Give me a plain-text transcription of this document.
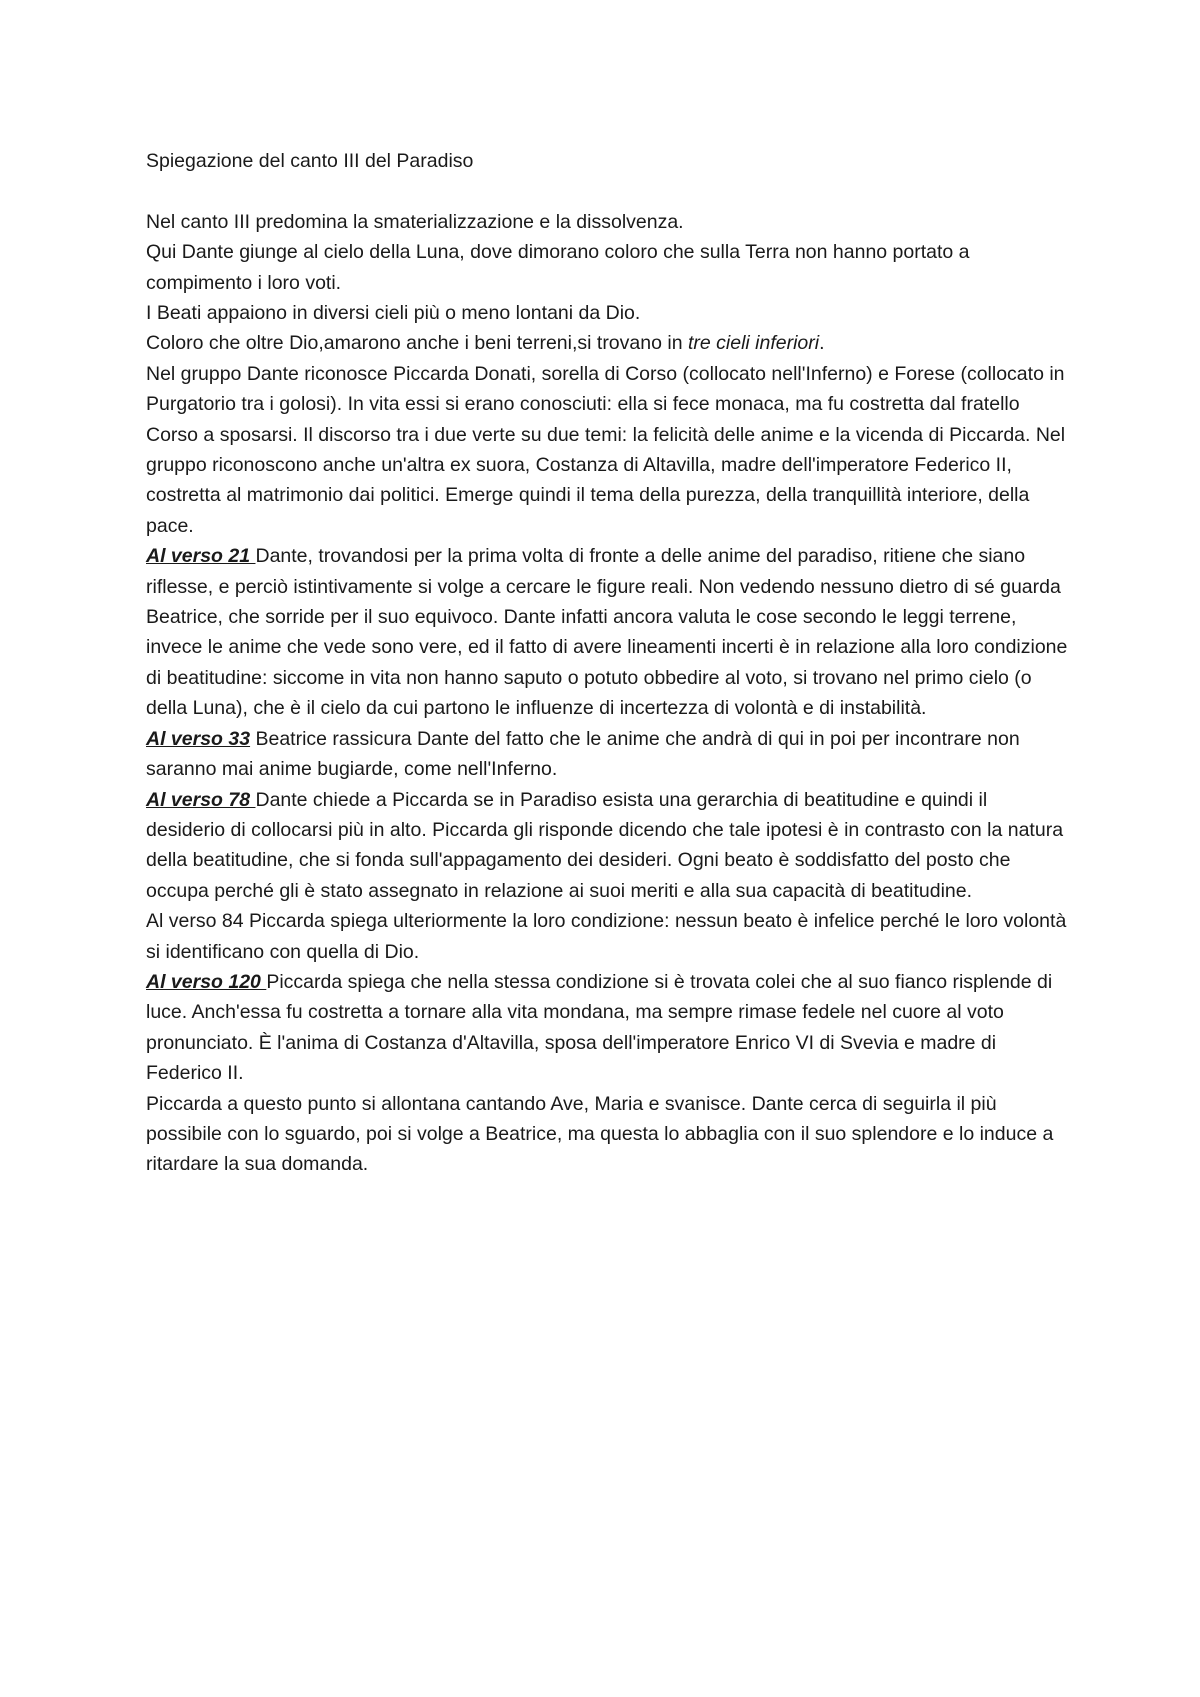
Spiegazione del canto III del Paradiso

Nel canto III predomina la smaterializzazione e la dissolvenza.

Qui Dante giunge al cielo della Luna, dove dimorano coloro che sulla Terra non hanno portato a compimento i loro voti.

I Beati appaiono in diversi cieli più o meno lontani da Dio.

Coloro che oltre Dio,amarono anche i beni terreni,si trovano in tre cieli inferiori.

Nel gruppo Dante riconosce Piccarda Donati, sorella di Corso (collocato nell'Inferno) e Forese (collocato in Purgatorio tra i golosi). In vita essi si erano conosciuti: ella si fece monaca, ma fu costretta dal fratello Corso a sposarsi. Il discorso tra i due verte su due temi: la felicità delle anime e la vicenda di Piccarda. Nel gruppo riconoscono anche un'altra ex suora, Costanza di Altavilla, madre dell'imperatore Federico II, costretta al matrimonio dai politici. Emerge quindi il tema della purezza, della tranquillità interiore, della pace.

Al verso 21 Dante, trovandosi per la prima volta di fronte a delle anime del paradiso, ritiene che siano riflesse, e perciò istintivamente si volge a cercare le figure reali. Non vedendo nessuno dietro di sé guarda Beatrice, che sorride per il suo equivoco. Dante infatti ancora valuta le cose secondo le leggi terrene, invece le anime che vede sono vere, ed il fatto di avere lineamenti incerti è in relazione alla loro condizione di beatitudine: siccome in vita non hanno saputo o potuto obbedire al voto, si trovano nel primo cielo (o della Luna), che è il cielo da cui partono le influenze di incertezza di volontà e di instabilità.

Al verso 33 Beatrice rassicura Dante del fatto che le anime che andrà di qui in poi per incontrare non saranno mai anime bugiarde, come nell'Inferno.

Al verso 78 Dante chiede a Piccarda se in Paradiso esista una gerarchia di beatitudine e quindi il desiderio di collocarsi più in alto. Piccarda gli risponde dicendo che tale ipotesi è in contrasto con la natura della beatitudine, che si fonda sull'appagamento dei desideri. Ogni beato è soddisfatto del posto che occupa perché gli è stato assegnato in relazione ai suoi meriti e alla sua capacità di beatitudine.

Al verso 84 Piccarda spiega ulteriormente la loro condizione: nessun beato è infelice perché le loro volontà si identificano con quella di Dio.

Al verso 120 Piccarda spiega che nella stessa condizione si è trovata colei che al suo fianco risplende di luce. Anch'essa fu costretta a tornare alla vita mondana, ma sempre rimase fedele nel cuore al voto pronunciato. È l'anima di Costanza d'Altavilla, sposa dell'imperatore Enrico VI di Svevia e madre di Federico II.

Piccarda a questo punto si allontana cantando Ave, Maria e svanisce. Dante cerca di seguirla il più possibile con lo sguardo, poi si volge a Beatrice, ma questa lo abbaglia con il suo splendore e lo induce a ritardare la sua domanda.
